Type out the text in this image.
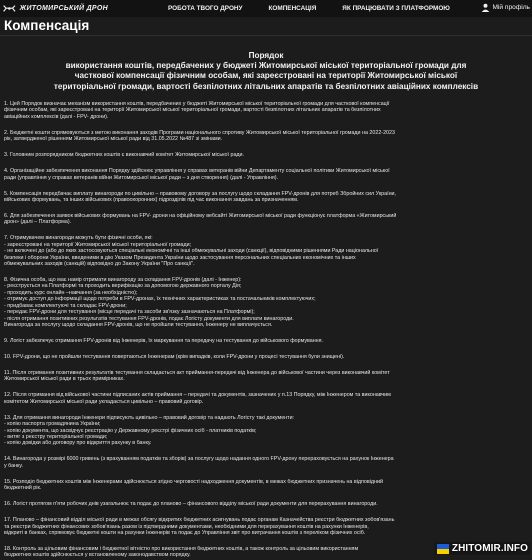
ЖИТОМИРСЬКИЙ ДРОН	РОБОТА ТВОГО ДРОНУ	КОМПЕНСАЦІЯ	ЯК ПРАЦЮВАТИ З ПЛАТФОРМОЮ	Мій профіль
Компенсація
Порядок
використання коштів, передбачених у бюджеті Житомирської міської територіальної громади для
часткової компенсації фізичним особам, які зареєстровані на території Житомирської міської
територіальної громади, вартості безпілотних літальних апаратів та безпілотних авіаційних комплексів
1. Цей Порядок визначає механізм використання коштів, передбачених у бюджеті Житомирської міської територіальної громади для часткової компенсації
фізичним особам, які зареєстровані на території Житомирської міської територіальної громади, вартості безпілотних літальних апаратів та безпілотних
авіаційних комплексів (далі - FPV- дрони).
2. Бюджетні кошти спрямовуються з метою виконання заходів Програми національного спротиву Житомирської міської територіальної громади на 2022-2023
рік, затвердженої рішенням Житомирської міської ради від 31.05.2022 №487 зі змінами.
3. Головним розпорядником бюджетних коштів є виконавчий комітет Житомирської міської ради.
4. Організаційне забезпечення виконання Порядку здійснює управління у справах ветеранів війни Департаменту соціальної політики Житомирської міської
ради (управління у справах ветеранів війни Житомирської міської ради – з дня створення) (далі - Управління).
5. Компенсація передбачає виплату винагороди по цивільно – правовому договору за послугу щодо складання FPV-дронів для потреб Збройних сил України,
військових формувань, та інших військових (правоохоронних) підрозділів під час виконання завдань за призначенням.
6. Для забезпечення заявок військових формувань на FPV- дрони на офіційному вебсайті Житомирської міської ради функціонує платформа «Житомирський
дрон» (далі – Платформа).
7. Отримувачем винагороди можуть бути фізичні особи, які:
- зареєстровані на території Житомирської міської територіальної громади;
- не включені до (або до яких застосовуються спеціальні економічні та інші обмежувальні заходи (санкції), відповідними рішеннями Ради національної
безпеки і оборони України, введеними в дію Указом Президента України щодо застосування персональних спеціальних економічних та інших
обмежувальних заходів (санкцій) відповідно до Закону України "Про санкції".
8. Фізична особа, що має намір отримати винагороду за складання FPV-дронів (далі - Інженер):
- реєструється на Платформі та проходить верифікацію за допомогою державного порталу Дія;
- проходить курс онлайн –навчання (за необхідністю);
- отримує доступ до інформації щодо потреби в FPV-дронах, їх технічних характеристиках та постачальників комплектуючих;
- придбаває комплектуючі та складає FPV-дрони;
- передає FPV-дрони для тестування (місце передачі та засоби зв'язку зазначаються на Платформі);
- після отримання позитивних результатів тестування FPV-дронів, подає Логісту документи для виплати винагороди.
Винагорода за послугу щодо складання FPV-дронів, що не пройшли тестування, Інженеру не виплачується.
9. Логіст забезпечує отримання FPV-дронів від Інженерів, їх маркування та передачу на тестування до військового формування.
10. FPV-дрони, що не пройшли тестування повертаються Інженерам (крім випадків, коли FPV-дрони у процесі тестування були знищені).
11. Після отримання позитивних результатів тестування складається акт приймання-передачі від Інженера до військової частини через виконавчий комітет
Житомирської міської ради в трьох примірниках.
12. Після отримання від військової частини підписаних актів приймання – передачі та документів, зазначених у п.13 Порядку, між Інженером та виконавчим
комітетом Житомирської міської ради укладається цивільно – правовий договір.
13. Для отримання винагороди Інженери підписують цивільно – правовий договір та надають Логісту такі документи:
- копію паспорта громадянина України;
- копію документа, що засвідчує реєстрацію у Державному реєстрі фізичних осіб - платників податків;
- витяг з реєстру територіальної громади;
- копію довідки або договору про відкриття рахунку в банку.
14. Винагорода у розмірі 6000 гривень (з врахуванням податків та зборів) за послугу щодо надання одного FPV-дрону перераховується на рахунок Інженера
у банку.
15. Розподіл бюджетних коштів між Інженерами здійснюється згідно черговості надходження документів, в межах бюджетних призначень на відповідний
бюджетний рік.
16. Логіст протягом п'яти робочих днів узагальнює та подає до планово – фінансового відділу міської ради документи для перерахування винагороди.
17. Планово – фінансовий відділ міської ради в межах обсягу відкритих бюджетних асигнувань подає органам Казначейства реєстри бюджетних зобов'язань
та реєстри бюджетних фінансових зобов'язань разом із підтвердними документами, необхідними для перерахування коштів на рахунки Інженерів,
відкриті в банках, спрямовує бюджетні кошти на рахунки Інженерів та подає до Управління звіт про витрачання коштів з переліком фізичних осіб.
18. Контроль за цільовим фінансовим і бюджетної вітністю про використання бюджетних коштів, а також контроль за цільовим використанням
бюджетних коштів здійснюється у встановленому законодавством порядку.
ZHITOMIR.INFO
